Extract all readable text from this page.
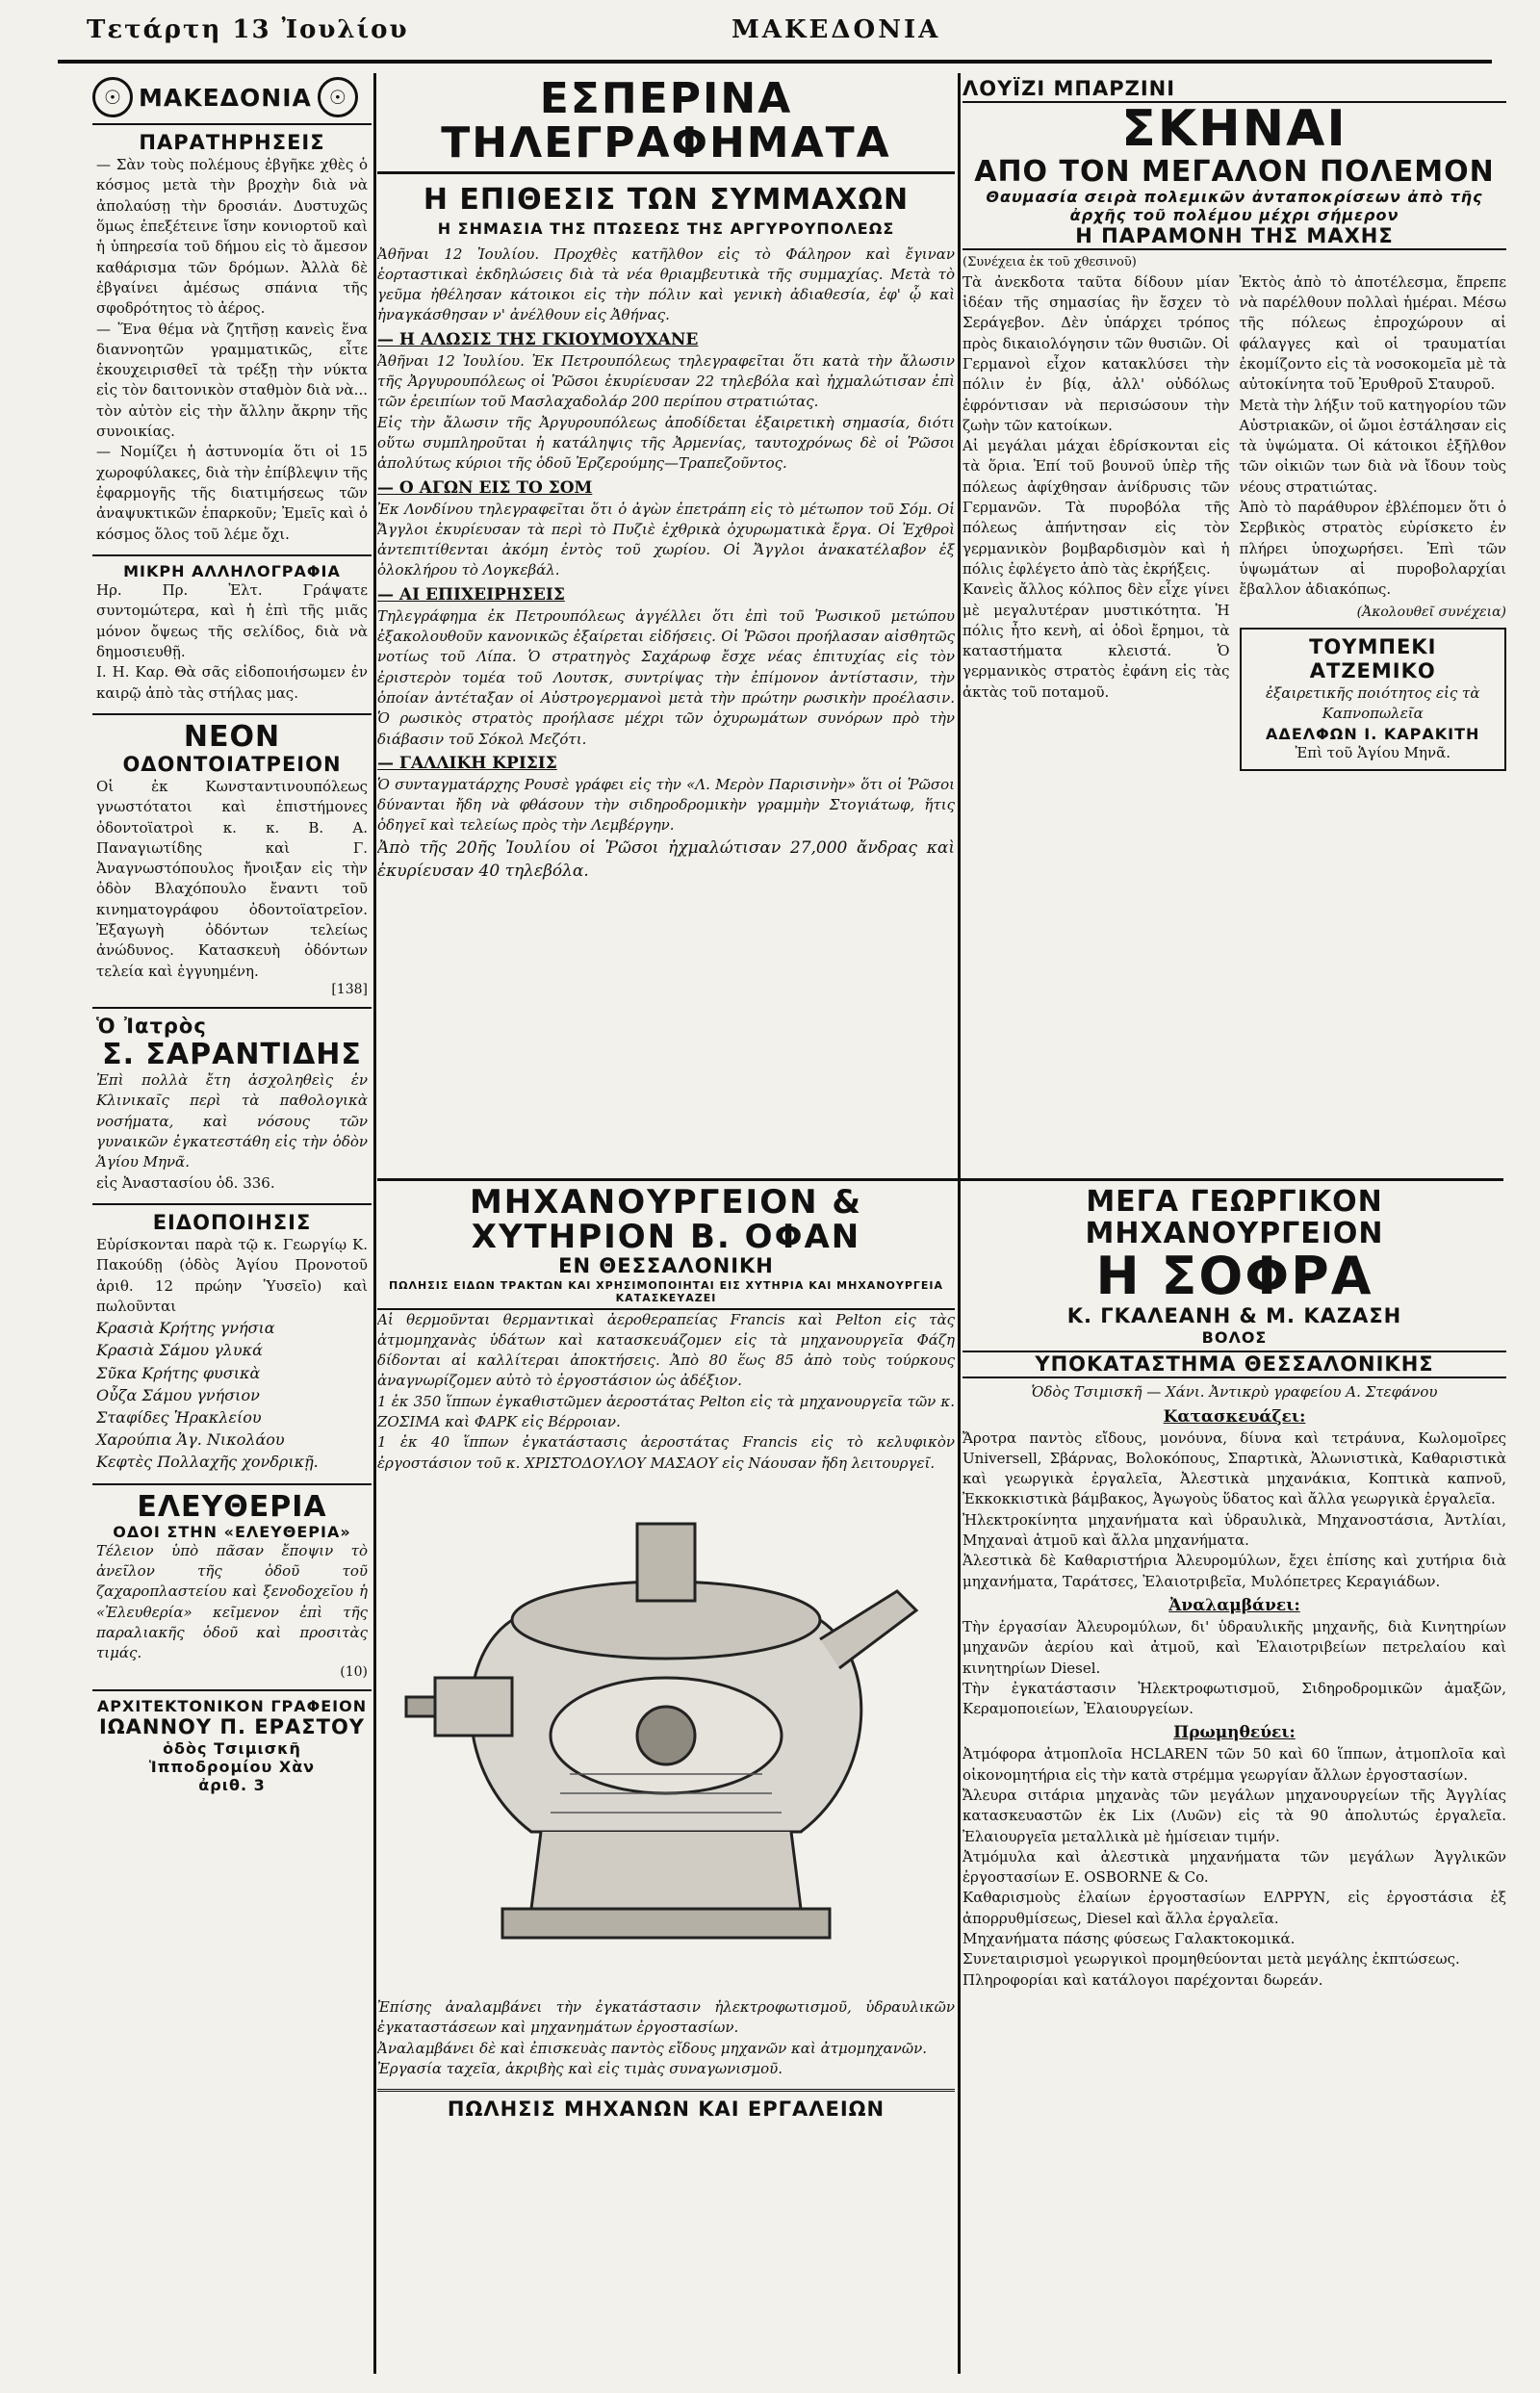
Τετάρτη 13 Ἰουλίου	ΜΑΚΕΔΟΝΙΑ
☉ ΜΑΚΕΔΟΝΙΑ ☉
ΠΑΡΑΤΗΡΗΣΕΙΣ
— Σὰν τοὺς πολέμους ἐβγῆκε χθὲς ὁ κόσμος μετὰ τὴν βροχὴν διὰ νὰ ἀπολαύσῃ τὴν δροσιάν. Δυστυχῶς ὅμως ἐπεξέτεινε ἴσην κονιορτοῦ καὶ ἡ ὑπηρεσία τοῦ δήμου εἰς τὸ ἄμεσον καθάρισμα τῶν δρόμων. Ἀλλὰ δὲ ἐβγαίνει ἀμέσως σπάνια τῆς σφοδρότητος τὸ ἀέρος.
— Ἕνα θέμα νὰ ζητῆσῃ κανεὶς ἕνα διαννοητῶν γραμματικῶς, εἶτε ἐκουχειρισθεῖ τὰ τρέξῃ τὴν νύκτα εἰς τὸν δαιτονικὸν σταθμὸν διὰ νὰ... τὸν αὐτὸν εἰς τὴν ἄλλην ἄκρην τῆς συνοικίας.
— Νομίζει ἡ ἀστυνομία ὅτι οἱ 15 χωροφύλακες, διὰ τὴν ἐπίβλεψιν τῆς ἐφαρμογῆς τῆς διατιμήσεως τῶν ἀναψυκτικῶν ἐπαρκοῦν; Ἐμεῖς καὶ ὁ κόσμος ὅλος τοῦ λέμε ὄχι.
ΜΙΚΡΗ ΑΛΛΗΛΟΓΡΑΦΙΑ
Ηρ. Πρ. Ἐλτ. Γράψατε συντομώτερα, καὶ ἡ ἐπὶ τῆς μιᾶς μόνον ὄψεως τῆς σελίδος, διὰ νὰ δημοσιευθῇ.
Ι. Η. Καρ. Θὰ σᾶς εἰδοποιήσωμεν ἐν καιρῷ ἀπὸ τὰς στήλας μας.
ΝΕΟΝ
ΟΔΟΝΤΟΙΑΤΡΕΙΟΝ
Οἱ ἐκ Κωνσταντινουπόλεως γνωστότατοι καὶ ἐπιστήμονες ὀδοντοϊατροὶ κ. κ. Β. Α. Παναγιωτίδης καὶ Γ. Ἀναγνωστόπουλος ἤνοιξαν εἰς τὴν ὁδὸν Βλαχόπουλο ἔναντι τοῦ κινηματογράφου ὀδοντοϊατρεῖον. Ἐξαγωγὴ ὀδόντων τελείως ἀνώδυνος. Κατασκευὴ ὀδόντων τελεία καὶ ἐγγυημένη.
[138]
Ὁ Ἰατρὸς
Σ. ΣΑΡΑΝΤΙΔΗΣ
Ἐπὶ πολλὰ ἔτη ἀσχοληθεὶς ἐν Κλινικαῖς περὶ τὰ παθολογικὰ νοσήματα, καὶ νόσους τῶν γυναικῶν ἐγκατεστάθη εἰς τὴν ὁδὸν Ἁγίου Μηνᾶ.
εἰς Ἀναστασίου ὁδ. 336.
ΕΙΔΟΠΟΙΗΣΙΣ
Εὑρίσκονται παρὰ τῷ κ. Γεωργίῳ Κ. Πακούδῃ (ὁδὸς Ἁγίου Προνοτοῦ ἀριθ. 12 πρώην Ὑυσεῖο) καὶ πωλοῦνται
Κρασιὰ Κρήτης γνήσια
Κρασιὰ Σάμου γλυκά
Σῦκα Κρήτης φυσικὰ
Οὖζα Σάμου γνήσιον
Σταφίδες Ἡρακλείου
Χαρούπια Ἁγ. Νικολάου
Κεφτὲς Πολλαχῆς χονδρικῇ.
ΕΛΕΥΘΕΡΙΑ
ΟΔΟΙ ΣΤΗΝ «ΕΛΕΥΘΕΡΙΑ»
Τέλειον ὑπὸ πᾶσαν ἔποψιν τὸ ἀνεῖλον τῆς ὁδοῦ τοῦ ζαχαροπλαστείου καὶ ξενοδοχεῖου ἡ «Ἐλευθερία» κεῖμενον ἐπὶ τῆς παραλιακῆς ὁδοῦ καὶ προσιτὰς τιμάς.
(10)
ΑΡΧΙΤΕΚΤΟΝΙΚΟΝ ΓΡΑΦΕΙΟΝ
ΙΩΑΝΝΟΥ Π. ΕΡΑΣΤΟΥ
ὁδὸς Τσιμισκῆ
Ἱπποδρομίου Χὰν
ἀριθ. 3
ΕΣΠΕΡΙΝΑ ΤΗΛΕΓΡΑΦΗΜΑΤΑ
Η ΕΠΙΘΕΣΙΣ ΤΩΝ ΣΥΜΜΑΧΩΝ
Η ΣΗΜΑΣΙΑ ΤΗΣ ΠΤΩΣΕΩΣ ΤΗΣ ΑΡΓΥΡΟΥΠΟΛΕΩΣ
Ἀθῆναι 12 Ἰουλίου. Προχθὲς κατῆλθον εἰς τὸ Φάληρον καὶ ἔγιναν ἑορταστικαὶ ἐκδηλώσεις διὰ τὰ νέα θριαμβευτικὰ τῆς συμμαχίας. Μετὰ τὸ γεῦμα ἠθέλησαν κάτοικοι εἰς τὴν πόλιν καὶ γενικὴ ἀδιαθεσία, ἐφ' ᾧ καὶ ἠναγκάσθησαν ν' ἀνέλθουν εἰς Ἀθήνας.
— Η ΑΛΩΣΙΣ ΤΗΣ ΓΚΙΟΥΜΟΥΧΑΝΕ
Ἀθῆναι 12 Ἰουλίου. Ἐκ Πετρουπόλεως τηλεγραφεῖται ὅτι κατὰ τὴν ἄλωσιν τῆς Ἀργυρουπόλεως οἱ Ῥῶσοι ἐκυρίευσαν 22 τηλεβόλα καὶ ἠχμαλώτισαν ἐπὶ τῶν ἐρειπίων τοῦ Μασλαχαδολάρ 200 περίπου στρατιώτας.
Εἰς τὴν ἄλωσιν τῆς Ἀργυρουπόλεως ἀποδίδεται ἐξαιρετικὴ σημασία, διότι οὕτω συμπληροῦται ἡ κατάληψις τῆς Ἀρμενίας, ταυτοχρόνως δὲ οἱ Ῥῶσοι ἀπολύτως κύριοι τῆς ὁδοῦ Ἐρζερούμης—Τραπεζοῦντος.
— Ο ΑΓΩΝ ΕΙΣ ΤΟ ΣΟΜ
Ἐκ Λονδίνου τηλεγραφεῖται ὅτι ὁ ἀγὼν ἐπετράπη εἰς τὸ μέτωπον τοῦ Σόμ. Οἱ Ἄγγλοι ἐκυρίευσαν τὰ περὶ τὸ Πυζιὲ ἐχθρικὰ ὀχυρωματικὰ ἔργα. Οἱ Ἐχθροὶ ἀντεπιτίθενται ἀκόμη ἐντὸς τοῦ χωρίου. Οἱ Ἄγγλοι ἀνακατέλαβον ἐξ ὁλοκλήρου τὸ Λογκεβάλ.
— ΑΙ ΕΠΙΧΕΙΡΗΣΕΙΣ
Τηλεγράφημα ἐκ Πετρουπόλεως ἀγγέλλει ὅτι ἐπὶ τοῦ Ῥωσικοῦ μετώπου ἐξακολουθοῦν κανονικῶς ἐξαίρεται εἰδήσεις. Οἱ Ῥῶσοι προήλασαν αἰσθητῶς νοτίως τοῦ Λίπα. Ὁ στρατηγὸς Σαχάρωφ ἔσχε νέας ἐπιτυχίας εἰς τὸν ἐριστερὸν τομέα τοῦ Λουτσκ, συντρίψας τὴν ἐπίμονον ἀντίστασιν, τὴν ὁποίαν ἀντέταξαν οἱ Αὐστρογερμανοὶ μετὰ τὴν πρώτην ρωσικὴν προέλασιν. Ὁ ρωσικὸς στρατὸς προήλασε μέχρι τῶν ὀχυρωμάτων συνόρων πρὸ τὴν διάβασιν τοῦ Σόκολ Μεζότι.
— ΓΑΛΛΙΚΗ ΚΡΙΣΙΣ
Ὁ συνταγματάρχης Ρουσὲ γράφει εἰς τὴν «Λ. Μερὸν Παρισινὴν» ὅτι οἱ Ῥῶσοι δύνανται ἤδη νὰ φθάσουν τὴν σιδηροδρομικὴν γραμμὴν Στογιάτωφ, ἥτις ὁδηγεῖ καὶ τελείως πρὸς τὴν Λεμβέργην.
Ἀπὸ τῆς 20ῆς Ἰουλίου οἱ Ῥῶσοι ἠχμαλώτισαν 27,000 ἄνδρας καὶ ἐκυρίευσαν 40 τηλεβόλα.
ΛΟΥΪΖΙ ΜΠΑΡΖΙΝΙ
ΣΚΗΝΑΙ
ΑΠΟ ΤΟΝ ΜΕΓΑΛΟΝ ΠΟΛΕΜΟΝ
Θαυμασία σειρὰ πολεμικῶν ἀνταποκρίσεων ἀπὸ τῆς ἀρχῆς τοῦ πολέμου μέχρι σήμερον
Η ΠΑΡΑΜΟΝΗ ΤΗΣ ΜΑΧΗΣ
(Συνέχεια ἐκ τοῦ χθεσινοῦ)
Τὰ ἀνεκδοτα ταῦτα δίδουν μίαν ἰδέαν τῆς σημασίας ἣν ἔσχεν τὸ Σεράγεβον. Δὲν ὑπάρχει τρόπος πρὸς δικαιολόγησιν τῶν θυσιῶν. Οἱ Γερμανοὶ εἶχον κατακλύσει τὴν πόλιν ἐν βίᾳ, ἀλλ' οὐδόλως ἐφρόντισαν νὰ περισώσουν τὴν ζωὴν τῶν κατοίκων.
Αἱ μεγάλαι μάχαι ἐδρίσκονται εἰς τὰ ὅρια. Ἐπί τοῦ βουνοῦ ὑπὲρ τῆς πόλεως ἀφίχθησαν ἀνίδρυσις τῶν Γερμανῶν. Τὰ πυροβόλα τῆς πόλεως ἀπήντησαν εἰς τὸν γερμανικὸν βομβαρδισμὸν καὶ ἡ πόλις ἐφλέγετο ἀπὸ τὰς ἐκρήξεις.
Κανεὶς ἄλλος κόλπος δὲν εἶχε γίνει μὲ μεγαλυτέραν μυστικότητα. Ἡ πόλις ἦτο κενὴ, αἱ ὁδοὶ ἔρημοι, τὰ καταστήματα κλειστά. Ὁ γερμανικὸς στρατὸς ἐφάνη εἰς τὰς ἀκτὰς τοῦ ποταμοῦ.
Ἐκτὸς ἀπὸ τὸ ἀποτέλεσμα, ἔπρεπε νὰ παρέλθουν πολλαὶ ἡμέραι. Μέσω τῆς πόλεως ἐπροχώρουν αἱ φάλαγγες καὶ οἱ τραυματίαι ἐκομίζοντο εἰς τὰ νοσοκομεῖα μὲ τὰ αὐτοκίνητα τοῦ Ἐρυθροῦ Σταυροῦ.
Μετὰ τὴν λήξιν τοῦ κατηγορίου τῶν Αὐστριακῶν, οἱ ὤμοι ἐστάλησαν εἰς τὰ ὑψώματα. Οἱ κάτοικοι ἐξῆλθον τῶν οἰκιῶν των διὰ νὰ ἴδουν τοὺς νέους στρατιώτας.
Ἀπὸ τὸ παράθυρον ἐβλέπομεν ὅτι ὁ Σερβικὸς στρατὸς εὑρίσκετο ἐν πλήρει ὑποχωρήσει. Ἐπὶ τῶν ὑψωμάτων αἱ πυροβολαρχίαι ἔβαλλον ἀδιακόπως.
(Ἀκολουθεῖ συνέχεια)
ΤΟΥΜΠΕΚΙ ΑΤΖΕΜΙΚΟ
ἐξαιρετικῆς ποιότητος εἰς τὰ Καπνοπωλεῖα
ΑΔΕΛΦΩΝ Ι. ΚΑΡΑΚΙΤΗ
Ἐπὶ τοῦ Ἁγίου Μηνᾶ.
ΜΗΧΑΝΟΥΡΓΕΙΟΝ & ΧΥΤΗΡΙΟΝ Β. ΟΦΑΝ
ΕΝ ΘΕΣΣΑΛΟΝΙΚΗ
ΠΩΛΗΣΙΣ ΕΙΔΩΝ ΤΡΑΚΤΩΝ ΚΑΙ ΧΡΗΣΙΜΟΠΟΙΗΤΑΙ ΕΙΣ ΧΥΤΗΡΙΑ ΚΑΙ ΜΗΧΑΝΟΥΡΓΕΙΑ ΚΑΤΑΣΚΕΥΑΖΕΙ
Αἱ θερμοῦνται θερμαντικαὶ ἀεροθεραπείας Francis καὶ Pelton εἰς τὰς ἀτμομηχανὰς ὑδάτων καὶ κατασκευάζομεν εἰς τὰ μηχανουργεῖα Φάζη δίδονται αἱ καλλίτεραι ἀποκτήσεις. Ἀπὸ 80 ἕως 85 ἀπὸ τοὺς τούρκους ἀναγνωρίζομεν αὐτὸ τὸ ἐργοστάσιον ὡς ἀδέξιον.
1 ἐκ 350 ἵππων ἐγκαθιστῶμεν ἀεροστάτας Pelton εἰς τὰ μηχανουργεῖα τῶν κ. ΖΟΣΙΜΑ καὶ ΦΑΡΚ εἰς Βέρροιαν.
1 ἐκ 40 ἵππων ἐγκατάστασις ἀεροστάτας Francis εἰς τὸ κελυφικὸν ἐργοστάσιον τοῦ κ. ΧΡΙΣΤΟΔΟΥΛΟΥ ΜΑΣΑΟΥ εἰς Νάουσαν ἤδη λειτουργεῖ.
Ἐπίσης ἀναλαμβάνει τὴν ἐγκατάστασιν ἠλεκτροφωτισμοῦ, ὑδραυλικῶν ἐγκαταστάσεων καὶ μηχανημάτων ἐργοστασίων.
Ἀναλαμβάνει δὲ καὶ ἐπισκευὰς παντὸς εἴδους μηχανῶν καὶ ἀτμομηχανῶν.
Ἐργασία ταχεῖα, ἀκριβὴς καὶ εἰς τιμὰς συναγωνισμοῦ.
ΠΩΛΗΣΙΣ ΜΗΧΑΝΩΝ ΚΑΙ ΕΡΓΑΛΕΙΩΝ
ΜΕΓΑ ΓΕΩΡΓΙΚΟΝ ΜΗΧΑΝΟΥΡΓΕΙΟΝ
Η ΣΟΦΡΑ
Κ. ΓΚΑΛΕΑΝΗ & Μ. ΚΑΖΑΣΗ
ΒΟΛΟΣ
ΥΠΟΚΑΤΑΣΤΗΜΑ ΘΕΣΣΑΛΟΝΙΚΗΣ
Ὁδὸς Τσιμισκῆ — Χάνι. Ἀντικρὺ γραφείου Α. Στεφάνου
Κατασκευάζει:
Ἄροτρα παντὸς εἴδους, μονόυνα, δίυνα καὶ τετράυνα, Κωλομοῖρες Universell, Σβάρνας, Βολοκόπους, Σπαρτικὰ, Ἁλωνιστικὰ, Καθαριστικὰ καὶ γεωργικὰ ἐργαλεῖα, Ἀλεστικὰ μηχανάκια, Κοπτικὰ καπνοῦ, Ἐκκοκκιστικὰ βάμβακος, Ἀγωγοὺς ὕδατος καὶ ἄλλα γεωργικὰ ἐργαλεῖα.
Ἠλεκτροκίνητα μηχανήματα καὶ ὑδραυλικὰ, Μηχανοστάσια, Ἀντλίαι, Μηχαναὶ ἀτμοῦ καὶ ἄλλα μηχανήματα.
Ἁλεστικὰ δὲ Καθαριστήρια Ἀλευρομύλων, ἔχει ἐπίσης καὶ χυτήρια διὰ μηχανήματα, Ταράτσες, Ἐλαιοτριβεῖα, Μυλόπετρες Κεραγιάδων.
Ἀναλαμβάνει:
Τὴν ἐργασίαν Ἀλευρομύλων, δι' ὑδραυλικῆς μηχανῆς, διὰ Κινητηρίων μηχανῶν ἀερίου καὶ ἀτμοῦ, καὶ Ἐλαιοτριβείων πετρελαίου καὶ κινητηρίων Diesel.
Τὴν ἐγκατάστασιν Ἠλεκτροφωτισμοῦ, Σιδηροδρομικῶν ἀμαξῶν, Κεραμοποιείων, Ἐλαιουργείων.
Πρωμηθεύει:
Ἀτμόφορα ἀτμοπλοῖα HCLAREN τῶν 50 καὶ 60 ἵππων, ἀτμοπλοῖα καὶ οἰκονομητήρια εἰς τὴν κατὰ στρέμμα γεωργίαν ἄλλων ἐργοστασίων.
Ἄλευρα σιτάρια μηχανὰς τῶν μεγάλων μηχανουργείων τῆς Ἀγγλίας κατασκευαστῶν ἐκ Lix (Λυῶν) εἰς τὰ 90 ἀπολυτώς ἐργαλεῖα. Ἐλαιουργεῖα μεταλλικὰ μὲ ἡμίσειαν τιμήν.
Ἀτμόμυλα καὶ ἀλεστικὰ μηχανήματα τῶν μεγάλων Ἀγγλικῶν ἐργοστασίων E. OSBORNE & Co.
Καθαρισμοὺς ἐλαίων ἐργοστασίων EΛΡΡΥΝ, εἰς ἐργοστάσια ἐξ ἀπορρυθμίσεως, Diesel καὶ ἄλλα ἐργαλεῖα.
Μηχανήματα πάσης φύσεως Γαλακτοκομικά.
Συνεταιρισμοὶ γεωργικοὶ προμηθεύονται μετὰ μεγάλης ἐκπτώσεως.
Πληροφορίαι καὶ κατάλογοι παρέχονται δωρεάν.
